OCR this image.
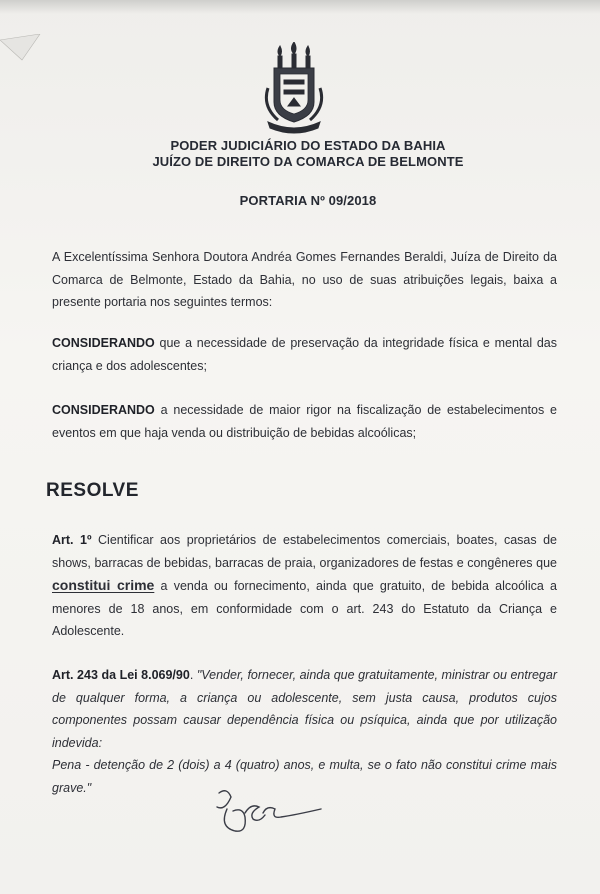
PODER JUDICIÁRIO DO ESTADO DA BAHIA
JUÍZO DE DIREITO DA COMARCA DE BELMONTE
PORTARIA Nº 09/2018
A Excelentíssima Senhora Doutora Andréa Gomes Fernandes Beraldi, Juíza de Direito da Comarca de Belmonte, Estado da Bahia, no uso de suas atribuições legais, baixa a presente portaria nos seguintes termos:
CONSIDERANDO que a necessidade de preservação da integridade física e mental das criança e dos adolescentes;
CONSIDERANDO a necessidade de maior rigor na fiscalização de estabelecimentos e eventos em que haja venda ou distribuição de bebidas alcoólicas;
RESOLVE
Art. 1º Cientificar aos proprietários de estabelecimentos comerciais, boates, casas de shows, barracas de bebidas, barracas de praia, organizadores de festas e congêneres que constitui crime a venda ou fornecimento, ainda que gratuito, de bebida alcoólica a menores de 18 anos, em conformidade com o art. 243 do Estatuto da Criança e Adolescente.
Art. 243 da Lei 8.069/90. "Vender, fornecer, ainda que gratuitamente, ministrar ou entregar de qualquer forma, a criança ou adolescente, sem justa causa, produtos cujos componentes possam causar dependência física ou psíquica, ainda que por utilização indevida:
Pena - detenção de 2 (dois) a 4 (quatro) anos, e multa, se o fato não constitui crime mais grave."
